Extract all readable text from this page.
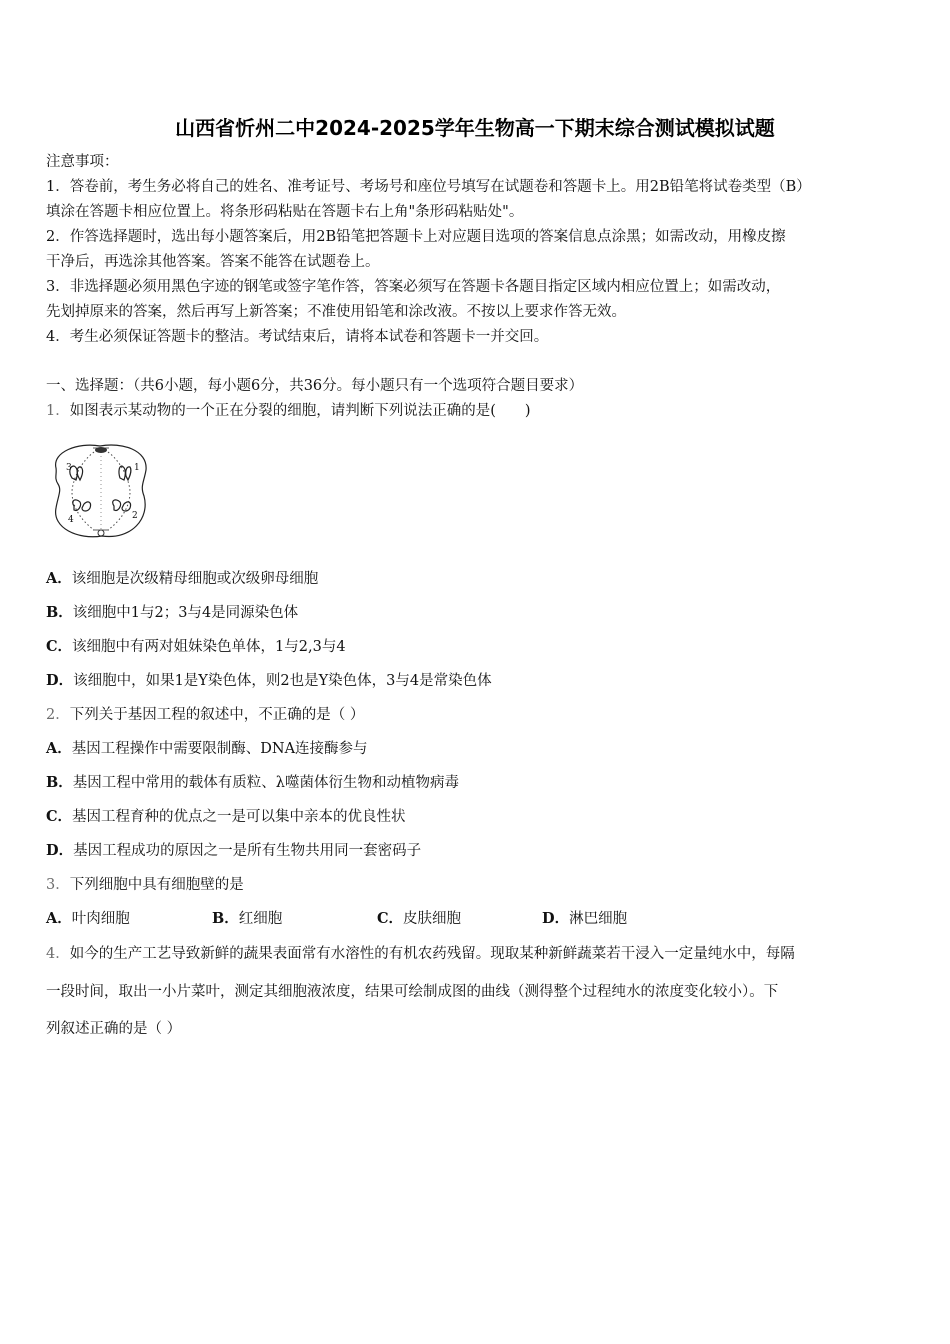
山西省忻州二中2024-2025学年生物高一下期末综合测试模拟试题
注意事项：
1．答卷前，考生务必将自己的姓名、准考证号、考场号和座位号填写在试题卷和答题卡上。用2B铅笔将试卷类型（B）
填涂在答题卡相应位置上。将条形码粘贴在答题卡右上角"条形码粘贴处"。
2．作答选择题时，选出每小题答案后，用2B铅笔把答题卡上对应题目选项的答案信息点涂黑；如需改动，用橡皮擦
干净后，再选涂其他答案。答案不能答在试题卷上。
3．非选择题必须用黑色字迹的钢笔或签字笔作答，答案必须写在答题卡各题目指定区域内相应位置上；如需改动，
先划掉原来的答案，然后再写上新答案；不准使用铅笔和涂改液。不按以上要求作答无效。
4．考生必须保证答题卡的整洁。考试结束后，请将本试卷和答题卡一并交回。
一、选择题：（共6小题，每小题6分，共36分。每小题只有一个选项符合题目要求）
1．如图表示某动物的一个正在分裂的细胞，请判断下列说法正确的是(　　)
3	1
4	2
A．该细胞是次级精母细胞或次级卵母细胞
B．该细胞中1与2；3与4是同源染色体
C．该细胞中有两对姐妹染色单体，1与2,3与4
D．该细胞中，如果1是Y染色体，则2也是Y染色体，3与4是常染色体
2．下列关于基因工程的叙述中，不正确的是（ ）
A．基因工程操作中需要限制酶、DNA连接酶参与
B．基因工程中常用的载体有质粒、λ噬菌体衍生物和动植物病毒
C．基因工程育种的优点之一是可以集中亲本的优良性状
D．基因工程成功的原因之一是所有生物共用同一套密码子
3．下列细胞中具有细胞壁的是
A．叶肉细胞	B．红细胞	C．皮肤细胞	D．淋巴细胞
4．如今的生产工艺导致新鲜的蔬果表面常有水溶性的有机农药残留。现取某种新鲜蔬菜若干浸入一定量纯水中，每隔
一段时间，取出一小片菜叶，测定其细胞液浓度，结果可绘制成图的曲线（测得整个过程纯水的浓度变化较小）。下
列叙述正确的是（ ）
